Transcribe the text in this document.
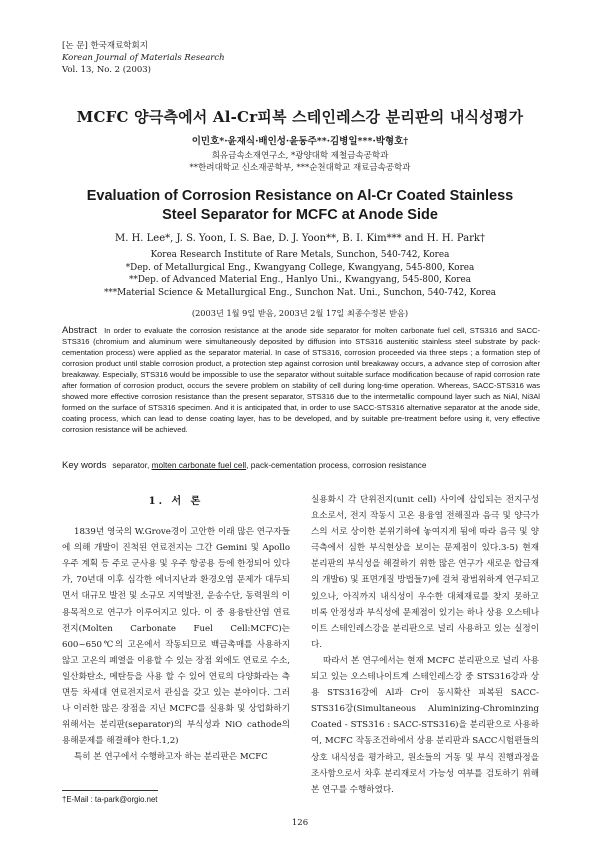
[논 문] 한국재료학회지
Korean Journal of Materials Research
Vol. 13, No. 2 (2003)
MCFC 양극측에서 Al-Cr피복 스테인레스강 분리판의 내식성평가
이민호*·윤재식·배인성·윤동주**·김병일***·박형호†
희유금속소재연구소, *광양대학 제철금속공학과
**한려대학교 신소재공학부, ***순천대학교 재료금속공학과
Evaluation of Corrosion Resistance on Al-Cr Coated Stainless
Steel Separator for MCFC at Anode Side
M. H. Lee*, J. S. Yoon, I. S. Bae, D. J. Yoon**, B. I. Kim*** and H. H. Park†
Korea Research Institute of Rare Metals, Sunchon, 540-742, Korea
*Dep. of Metallurgical Eng., Kwangyang College, Kwangyang, 545-800, Korea
**Dep. of Advanced Material Eng., Hanlyo Uni., Kwangyang, 545-800, Korea
***Material Science & Metallurgical Eng., Sunchon Nat. Uni., Sunchon, 540-742, Korea
(2003년 1월 9일 받음, 2003년 2월 17일 최종수정본 받음)
Abstract In order to evaluate the corrosion resistance at the anode side separator for molten carbonate fuel cell, STS316 and SACC-STS316 (chromium and aluminum were simultaneously deposited by diffusion into STS316 austenitic stainless steel substrate by pack-cementation process) were applied as the separator material. In case of STS316, corrosion proceeded via three steps ; a formation step of corrosion product until stable corrosion product, a protection step against corrosion until breakaway occurs, a advance step of corrosion after breakaway. Especially, STS316 would be impossible to use the separator without suitable surface modification because of rapid corrosion rate after formation of corrosion product, occurs the severe problem on stability of cell during long-time operation. Whereas, SACC-STS316 was showed more effective corrosion resistance than the present separator, STS316 due to the intermetallic compound layer such as NiAl, Ni3Al formed on the surface of STS316 specimen. And it is anticipated that, in order to use SACC-STS316 alternative separator at the anode side, coating process, which can lead to dense coating layer, has to be developed, and by suitable pre-treatment before using it, very effective corrosion resistance will be achieved.
Key words separator, molten carbonate fuel cell, pack-cementation process, corrosion resistance
1. 서 론

1839년 영국의 W.Grove경이 고안한 이래 많은 연구자들에 의해 개발이 진척된 연료전지는 그간 Gemini 및 Apollo우주 계획 등 주로 군사용 및 우주 항공용 등에 한정되어 있다가, 70년대 이후 심각한 에너지난과 환경오염 문제가 대두되면서 대규모 발전 및 소규모 지역발전, 운송수단, 동력원의 이용목적으로 연구가 이루어지고 있다. 이 중 용융탄산염 연료전지(Molten Carbonate Fuel Cell:MCFC)는 600~650℃의 고온에서 작동되므로 백금촉매를 사용하지 않고 고온의 폐열을 이용할 수 있는 장점 외에도 연료로 수소, 일산화탄소, 메탄등을 사용 할 수 있어 연료의 다양화라는 측면등 차세대 연료전지로서 관심을 갖고 있는 분야이다. 그러나 이러한 많은 장점을 지닌 MCFC를 실용화 및 상업화하기 위해서는 분리판(separator)의 부식성과 NiO cathode의 용해문제를 해결해야 한다.1,2)

특히 본 연구에서 수행하고자 하는 분리판은 MCFC

실용화시 각 단위전지(unit cell) 사이에 삽입되는 전지구성요소로서, 전지 작동시 고온 용융염 전해질과 음극 및 양극가스의 서로 상이한 분위기하에 놓여지게 됨에 따라 음극 및 양극측에서 심한 부식현상을 보이는 문제점이 있다.3-5) 현재 분리판의 부식성을 해결하기 위한 많은 연구가 새로운 합금재의 개발6) 및 표면개질 방법들7)에 걸쳐 광범위하게 연구되고 있으나, 아직까지 내식성이 우수한 대체재료를 찾지 못하고 비록 안정성과 부식성에 문제점이 있기는 하나 상용 오스테나이트 스테인레스강을 분리판으로 널리 사용하고 있는 실정이다.

따라서 본 연구에서는 현재 MCFC 분리판으로 널리 사용되고 있는 오스테나이트계 스테인레스강 중 STS316강과 상용 STS316강에 Al과 Cr이 동시확산 피복된 SACC-STS316강(Simultaneous Aluminizing-Chrominzing Coated - STS316 : SACC-STS316)을 분리판으로 사용하여, MCFC 작동조건하에서 상용 분리판과 SACC시험편들의 상호 내식성을 평가하고, 원소들의 거동 및 부식 진행과정을 조사함으로서 차후 분리재로서 가능성 여부를 검토하기 위해 본 연구를 수행하였다.

†E-Mail : ta-park@orgio.net
126
